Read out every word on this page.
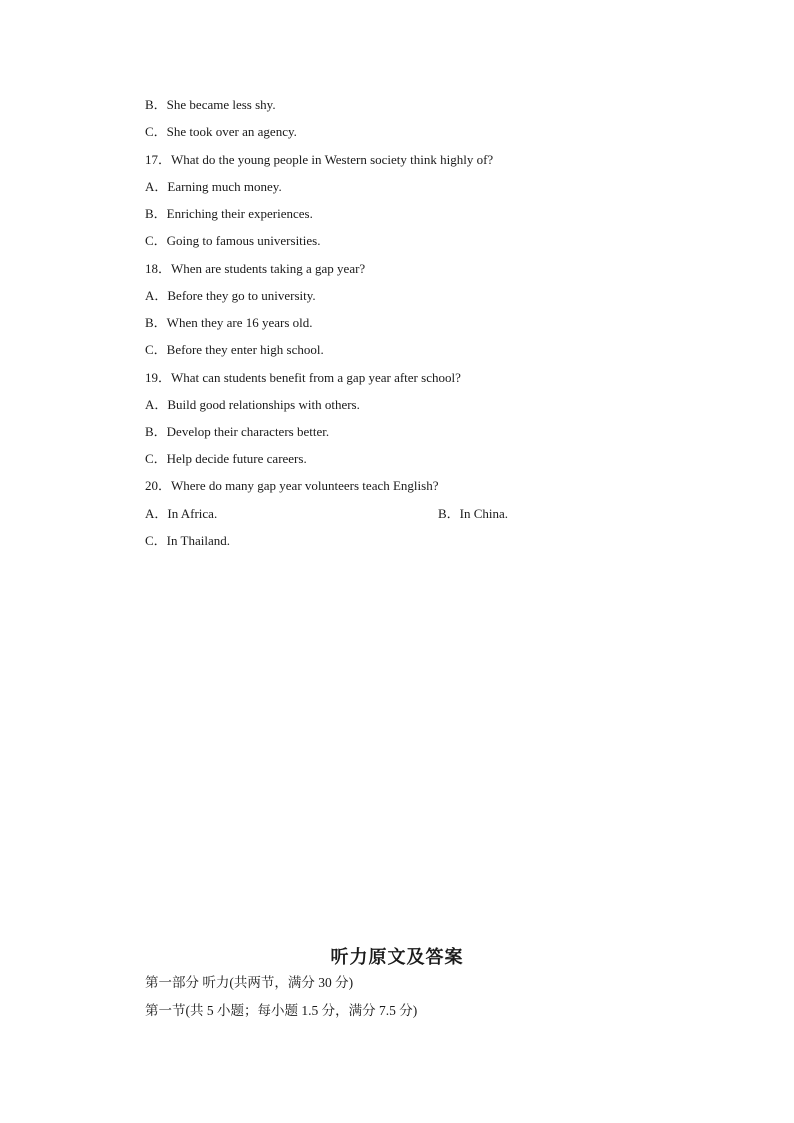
B．She became less shy.
C．She took over an agency.
17．What do the young people in Western society think highly of?
A．Earning much money.
B．Enriching their experiences.
C．Going to famous universities.
18．When are students taking a gap year?
A．Before they go to university.
B．When they are 16 years old.
C．Before they enter high school.
19．What can students benefit from a gap year after school?
A．Build good relationships with others.
B．Develop their characters better.
C．Help decide future careers.
20．Where do many gap year volunteers teach English?
A．In Africa.	B．In China.
C．In Thailand.
听力原文及答案
第一部分 听力(共两节，满分 30 分)
第一节(共 5 小题；每小题 1.5 分，满分 7.5 分)
